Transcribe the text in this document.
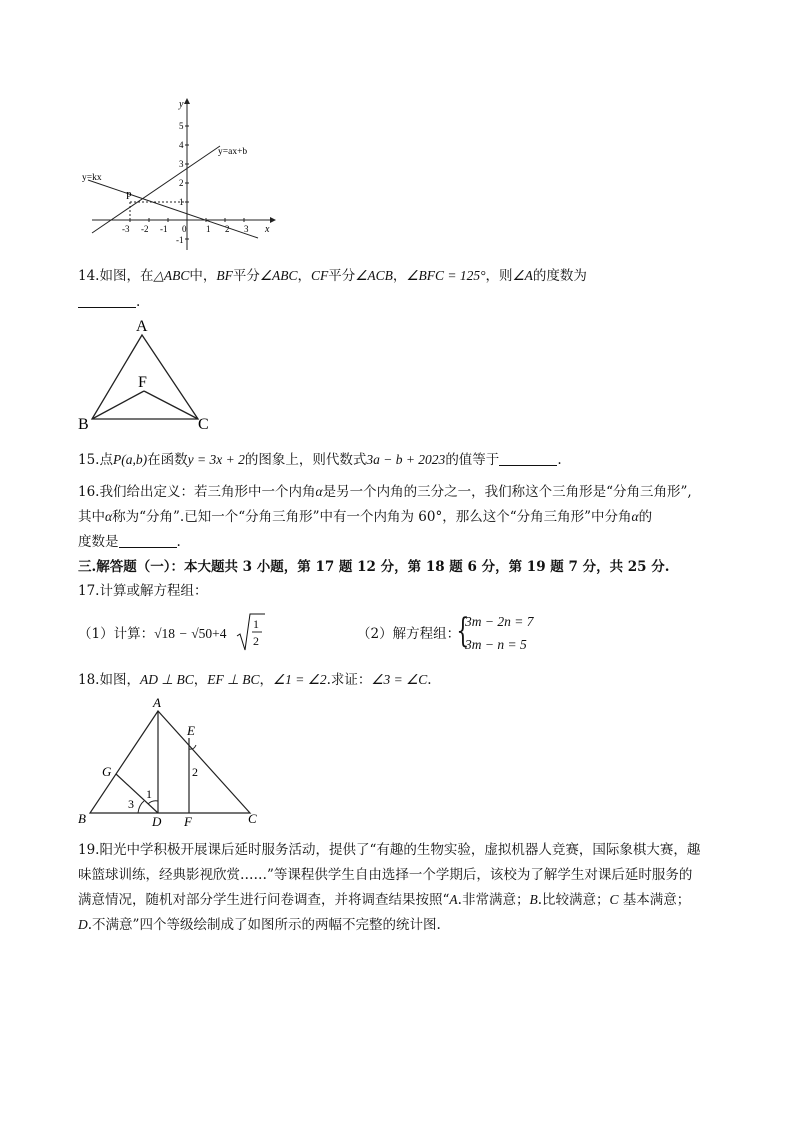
y
x
5
4
3
2
1
-1
-3 -2 -1	1 2 3
0
y=kx
y=ax+b
P
14.如图，在△ABC中，BF平分∠ABC，CF平分∠ACB，∠BFC = 125°，则∠A的度数为
.
A
F
B	C
15.点P(a,b)在函数y = 3x + 2的图象上，则代数式3a − b + 2023的值等于	.
16.我们给出定义：若三角形中一个内角α是另一个内角的三分之一，我们称这个三角形是“分角三角形”,
其中α称为“分角”.已知一个“分角三角形”中有一个内角为 60°，那么这个“分角三角形”中分角α的
度数是	.
三.解答题（一）：本大题共 3 小题，第 17 题 12 分，第 18 题 6 分，第 19 题 7 分，共 25 分.
17.计算或解方程组：
（1）计算：√18 − √50+4
1
2	（2）解方程组：
{
3m − 2n = 7
3m − n = 5
18.如图，AD ⊥ BC，EF ⊥ BC，∠1 = ∠2.求证：∠3 = ∠C.
A
E
G
B	D F	C
1
2
3
19.阳光中学积极开展课后延时服务活动，提供了“有趣的生物实验，虚拟机器人竞赛，国际象棋大赛，趣
味篮球训练，经典影视欣赏……”等课程供学生自由选择一个学期后，该校为了解学生对课后延时服务的
满意情况，随机对部分学生进行问卷调查，并将调查结果按照“A.非常满意；B.比较满意；C 基本满意；
D.不满意”四个等级绘制成了如图所示的两幅不完整的统计图.
